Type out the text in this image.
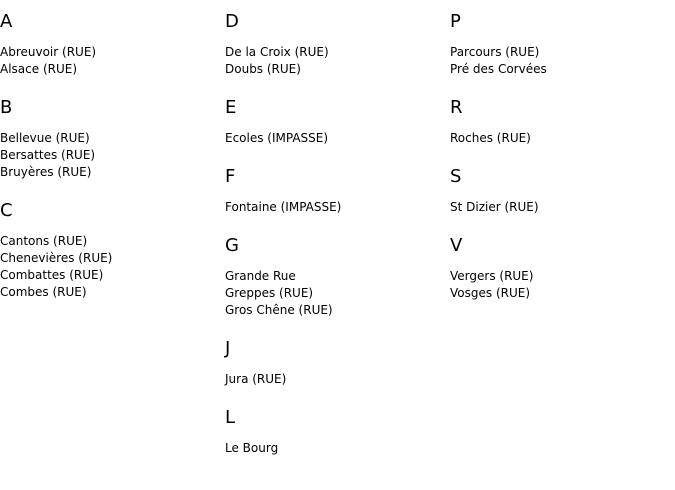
A
Abreuvoir (RUE)
Alsace (RUE)
B
Bellevue (RUE)
Bersattes (RUE)
Bruyères (RUE)
C
Cantons (RUE)
Chenevières (RUE)
Combattes (RUE)
Combes (RUE)
D
De la Croix (RUE)
Doubs (RUE)
E
Ecoles (IMPASSE)
F
Fontaine (IMPASSE)
G
Grande Rue
Greppes (RUE)
Gros Chêne (RUE)
J
Jura (RUE)
L
Le Bourg
P
Parcours (RUE)
Pré des Corvées
R
Roches (RUE)
S
St Dizier (RUE)
V
Vergers (RUE)
Vosges (RUE)
